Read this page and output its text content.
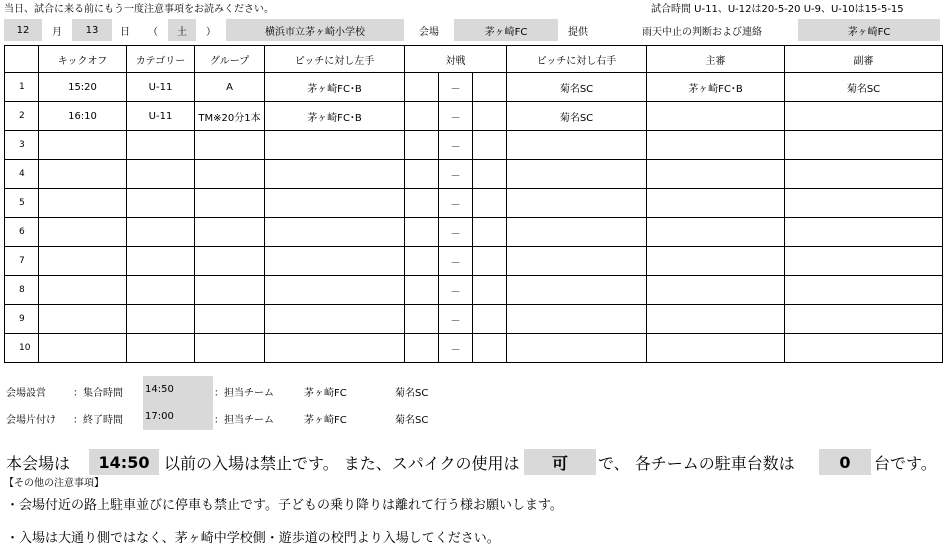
当日、試合に来る前にもう一度注意事項をお読みください。	試合時間 U-11、U-12は20-5-20 U-9、U-10は15-5-15
12	月	13	日	（	土	）	横浜市立茅ヶ崎小学校	会場	茅ヶ崎FC	提供	雨天中止の判断および連絡	茅ヶ崎FC
	キックオフ	カテゴリー	グループ	ピッチに対し左手	対戦			ピッチに対し右手	主審	副審
1	15:20	U-11	A	茅ヶ崎FC･B		－		菊名SC	茅ヶ崎FC･B	菊名SC
2	16:10	U-11	TM※20分1本	茅ヶ崎FC･B		－		菊名SC		
3						－				
4						－				
5						－				
6						－				
7						－				
8						－				
9						－				
10						－				
会場設営	：集合時間 14:50	：担当チーム	茅ヶ崎FC	菊名SC
会場片付け ：終了時間 17:00	：担当チーム	茅ヶ崎FC	菊名SC
本会場は	14:50 以前の入場は禁止です。 また、スパイクの使用は	可	で、 各チームの駐車台数は	0	台です。
【その他の注意事項】
・会場付近の路上駐車並びに停車も禁止です。子どもの乗り降りは離れて行う様お願いします。
・入場は大通り側ではなく、茅ヶ崎中学校側・遊歩道の校門より入場してください。
